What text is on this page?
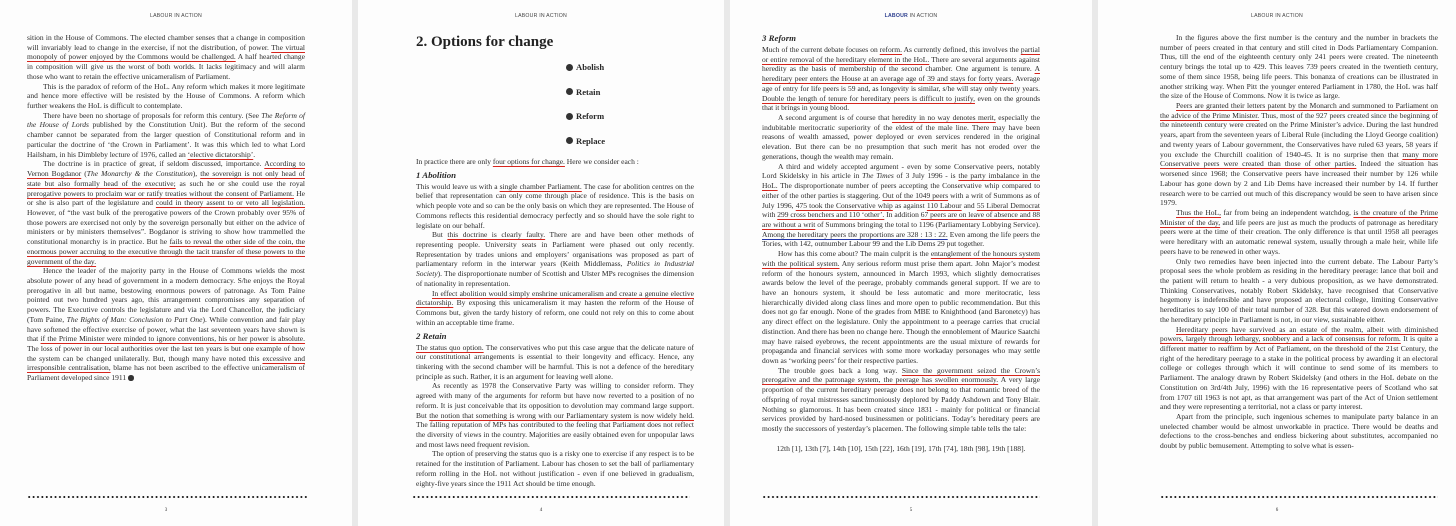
LABOUR IN ACTION

sition in the House of Commons. The elected chamber senses that a change in composition will invariably lead to change in the exercise, if not the distribution, of power. The virtual monopoly of power enjoyed by the Commons would be challenged. A half hearted change in composition will give us the worst of both worlds. It lacks legitimacy and will alarm those who want to retain the effective unicameralism of Parliament.

This is the paradox of reform of the HoL. Any reform which makes it more legitimate and hence more effective will be resisted by the House of Commons. A reform which further weakens the HoL is difficult to contemplate.

There have been no shortage of proposals for reform this century. (See The Reform of the House of Lords published by the Constitution Unit). But the reform of the second chamber cannot be separated from the larger question of Constitutional reform and in particular the doctrine of ‘the Crown in Parliament’. It was this which led to what Lord Hailsham, in his Dimbleby lecture of 1976, called an ‘elective dictatorship’.

The doctrine is in practice of great, if seldom discussed, importance. According to Vernon Bogdanor (The Monarchy & the Constitution), the sovereign is not only head of state but also formally head of the executive; as such he or she could use the royal prerogative powers to proclaim war or ratify treaties without the consent of Parliament. He or she is also part of the legislature and could in theory assent to or veto all legislation. However, of “the vast bulk of the prerogative powers of the Crown probably over 95% of those powers are exercised not only by the sovereign personally but either on the advice of ministers or by ministers themselves”. Bogdanor is striving to show how trammelled the constitutional monarchy is in practice. But he fails to reveal the other side of the coin, the enormous power accruing to the executive through the tacit transfer of these powers to the government of the day.

Hence the leader of the majority party in the House of Commons wields the most absolute power of any head of government in a modern democracy. S/he enjoys the Royal prerogative in all but name, bestowing enormous powers of patronage. As Tom Paine pointed out two hundred years ago, this arrangement compromises any separation of powers. The Executive controls the legislature and via the Lord Chancellor, the judiciary (Tom Paine, The Rights of Man: Conclusion to Part One). While convention and fair play have softened the effective exercise of power, what the last seventeen years have shown is that if the Prime Minister were minded to ignore conventions, his or her power is absolute. The loss of power in our local authorities over the last ten years is but one example of how the system can be changed unilaterally. But, though many have noted this excessive and irresponsible centralisation, blame has not been ascribed to the effective unicameralism of Parliament developed since 1911

3
LABOUR IN ACTION
2. Options for change
Abolish
Retain
Reform
Replace

In practice there are only four options for change. Here we consider each :

1 Abolition

This would leave us with a single chamber Parliament. The case for abolition centres on the belief that representation can only come through place of residence. This is the basis on which people vote and so can be the only basis on which they are represented. The House of Commons reflects this residential democracy perfectly and so should have the sole right to legislate on our behalf.

But this doctrine is clearly faulty. There are and have been other methods of representing people. University seats in Parliament were phased out only recently. Representation by trades unions and employers’ organisations was proposed as part of parliamentary reform in the interwar years (Keith Middlemass, Politics in Industrial Society). The disproportionate number of Scottish and Ulster MPs recognises the dimension of nationality in representation.

In effect abolition would simply enshrine unicameralism and create a genuine elective dictatorship. By exposing this unicameralism it may hasten the reform of the House of Commons but, given the tardy history of reform, one could not rely on this to come about within an acceptable time frame.

2 Retain

The status quo option. The conservatives who put this case argue that the delicate nature of our constitutional arrangements is essential to their longevity and efficacy. Hence, any tinkering with the second chamber will be harmful. This is not a defence of the hereditary principle as such. Rather, it is an argument for leaving well alone.

As recently as 1978 the Conservative Party was willing to consider reform. They agreed with many of the arguments for reform but have now reverted to a position of no reform. It is just conceivable that its opposition to devolution may command large support. But the notion that something is wrong with our Parliamentary system is now widely held. The falling reputation of MPs has contributed to the feeling that Parliament does not reflect the diversity of views in the country. Majorities are easily obtained even for unpopular laws and most laws need frequent revision.

The option of preserving the status quo is a risky one to exercise if any respect is to be retained for the institution of Parliament. Labour has chosen to set the ball of parliamentary reform rolling in the HoL not without justification - even if one believed in gradualism, eighty-five years since the 1911 Act should be time enough.

4
LABOUR IN ACTION
3 Reform

Much of the current debate focuses on reform. As currently defined, this involves the partial or entire removal of the hereditary element in the HoL. There are several arguments against heredity as the basis of membership of the second chamber. One argument is tenure. A hereditary peer enters the House at an average age of 39 and stays for forty years. Average age of entry for life peers is 59 and, as longevity is similar, s/he will stay only twenty years. Double the length of tenure for hereditary peers is difficult to justify, even on the grounds that it brings in young blood.

A second argument is of course that heredity in no way denotes merit, especially the indubitable meritocratic superiority of the eldest of the male line. There may have been reasons of wealth amassed, power deployed or even services rendered in the original elevation. But there can be no presumption that such merit has not eroded over the generations, though the wealth may remain.

A third and widely accepted argument - even by some Conservative peers, notably Lord Skidelsky in his article in The Times of 3 July 1996 - is the party imbalance in the HoL. The disproportionate number of peers accepting the Conservative whip compared to either of the other parties is staggering. Out of the 1049 peers with a writ of Summons as of July 1996, 475 took the Conservative whip as against 110 Labour and 55 Liberal Democrat with 299 cross benchers and 110 ‘other’. In addition 67 peers are on leave of absence and 88 are without a writ of Summons bringing the total to 1196 (Parliamentary Lobbying Service). Among the hereditary peers the proportions are 328 : 13 : 22. Even among the life peers the Tories, with 142, outnumber Labour 99 and the Lib Dems 29 put together.

How has this come about? The main culprit is the entanglement of the honours system with the political system. Any serious reform must prise them apart. John Major’s modest reform of the honours system, announced in March 1993, which slightly democratises awards below the level of the peerage, probably commands general support. If we are to have an honours system, it should be less automatic and more meritocratic, less hierarchically divided along class lines and more open to public recommendation. But this does not go far enough. None of the grades from MBE to Knighthood (and Baronetcy) has any direct effect on the legislature. Only the appointment to a peerage carries that crucial distinction. And there has been no change here. Though the ennoblement of Maurice Saatchi may have raised eyebrows, the recent appointments are the usual mixture of rewards for propaganda and financial services with some more workaday personages who may settle down as ‘working peers’ for their respective parties.

The trouble goes back a long way. Since the government seized the Crown’s prerogative and the patronage system, the peerage has swollen enormously. A very large proportion of the current hereditary peerage does not belong to that romantic breed of the offspring of royal mistresses sanctimoniously deplored by Paddy Ashdown and Tony Blair. Nothing so glamorous. It has been created since 1831 - mainly for political or financial services provided by hard-nosed businessmen or politicians. Today’s hereditary peers are mostly the successors of yesterday’s placemen. The following simple table tells the tale:

12th [1], 13th [7], 14th [10], 15th [22], 16th [19], 17th [74], 18th [98], 19th [188].
5
LABOUR IN ACTION

In the figures above the first number is the century and the number in brackets the number of peers created in that century and still cited in Dods Parliamentary Companion. Thus, till the end of the eighteenth century only 241 peers were created. The nineteenth century brings the total up to 429. This leaves 739 peers created in the twentieth century, some of them since 1958, being life peers. This bonanza of creations can be illustrated in another striking way. When Pitt the younger entered Parliament in 1780, the HoL was half the size of the House of Commons. Now it is twice as large.

Peers are granted their letters patent by the Monarch and summoned to Parliament on the advice of the Prime Minister. Thus, most of the 927 peers created since the beginning of the nineteenth century were created on the Prime Minister’s advice. During the last hundred years, apart from the seventeen years of Liberal Rule (including the Lloyd George coalition) and twenty years of Labour government, the Conservatives have ruled 63 years, 58 years if you exclude the Churchill coalition of 1940-45. It is no surprise then that many more Conservative peers were created than those of other parties. Indeed the situation has worsened since 1968; the Conservative peers have increased their number by 126 while Labour has gone down by 2 and Lib Dems have increased their number by 14. If further research were to be carried out much of this discrepancy would be seen to have arisen since 1979.

Thus the HoL, far from being an independent watchdog, is the creature of the Prime Minister of the day, and life peers are just as much the products of patronage as hereditary peers were at the time of their creation. The only difference is that until 1958 all peerages were hereditary with an automatic renewal system, usually through a male heir, while life peers have to be renewed in other ways.

Only two remedies have been injected into the current debate. The Labour Party’s proposal sees the whole problem as residing in the hereditary peerage: lance that boil and the patient will return to health - a very dubious proposition, as we have demonstrated. Thinking Conservatives, notably Robert Skidelsky, have recognised that Conservative hegemony is indefensible and have proposed an electoral college, limiting Conservative hereditaries to say 100 of their total number of 328. But this watered down endorsement of the hereditary principle in Parliament is not, in our view, sustainable either.

Hereditary peers have survived as an estate of the realm, albeit with diminished powers, largely through lethargy, snobbery and a lack of consensus for reform. It is quite a different matter to reaffirm by Act of Parliament, on the threshold of the 21st Century, the right of the hereditary peerage to a stake in the political process by awarding it an electoral college or colleges through which it will continue to send some of its members to Parliament. The analogy drawn by Robert Skidelsky (and others in the HoL debate on the Constitution on 3rd/4th July, 1996) with the 16 representative peers of Scotland who sat from 1707 till 1963 is not apt, as that arrangement was part of the Act of Union settlement and they were representing a territorial, not a class or party interest.

Apart from the principle, such ingenious schemes to manipulate party balance in an unelected chamber would be almost unworkable in practice. There would be deaths and defections to the cross-benches and endless bickering about substitutes, accompanied no doubt by public bemusement. Attempting to solve what is essen-

6
